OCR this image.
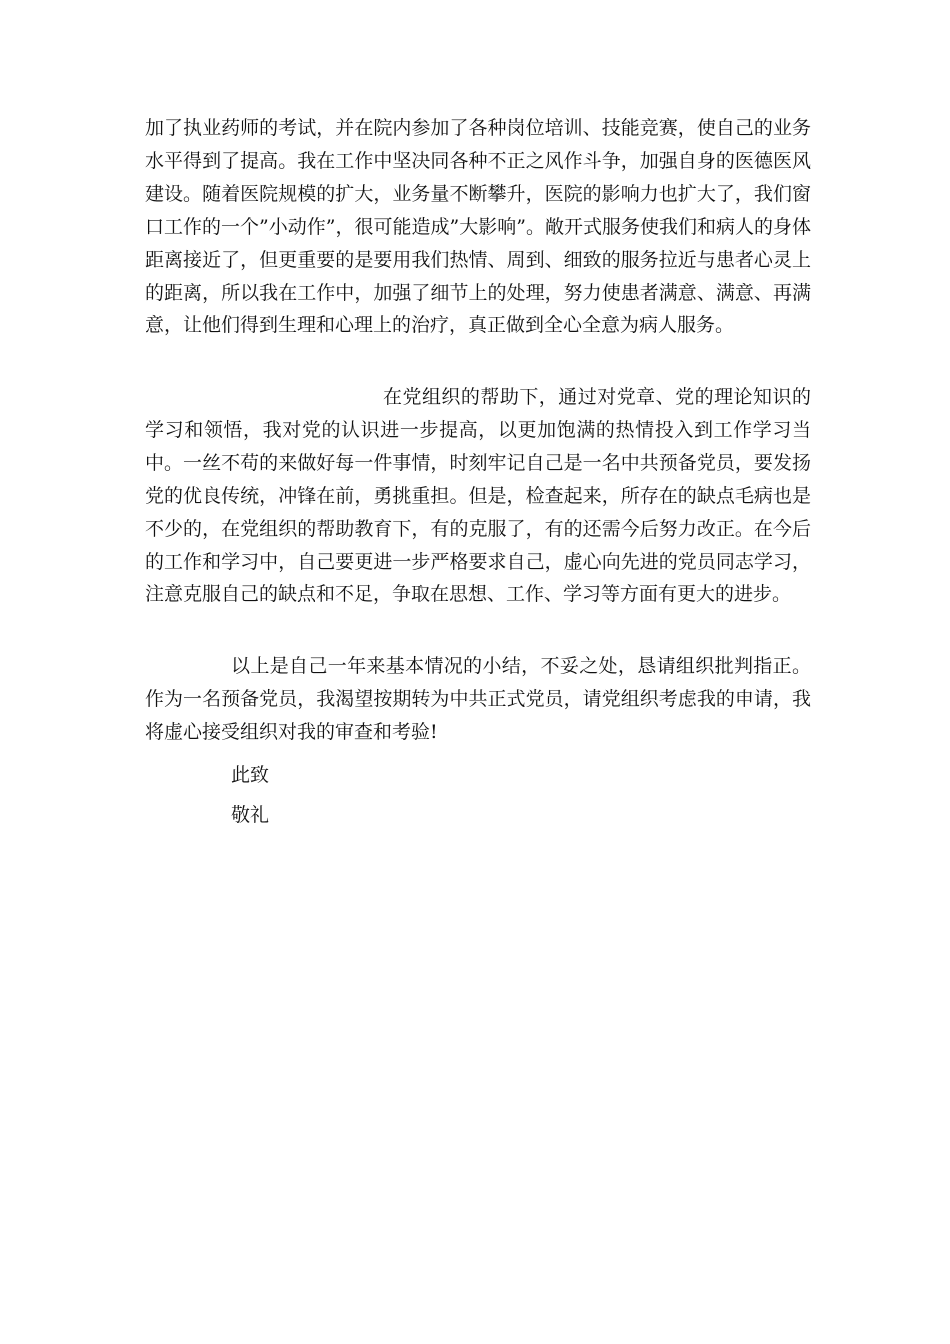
加了执业药师的考试，并在院内参加了各种岗位培训、技能竞赛，使自己的业务水平得到了提高。我在工作中坚决同各种不正之风作斗争，加强自身的医德医风建设。随着医院规模的扩大，业务量不断攀升，医院的影响力也扩大了，我们窗口工作的一个”小动作”，很可能造成”大影响”。敞开式服务使我们和病人的身体距离接近了，但更重要的是要用我们热情、周到、细致的服务拉近与患者心灵上的距离，所以我在工作中，加强了细节上的处理，努力使患者满意、满意、再满意，让他们得到生理和心理上的治疗，真正做到全心全意为病人服务。

在党组织的帮助下，通过对党章、党的理论知识的学习和领悟，我对党的认识进一步提高，以更加饱满的热情投入到工作学习当中。一丝不苟的来做好每一件事情，时刻牢记自己是一名中共预备党员，要发扬党的优良传统，冲锋在前，勇挑重担。但是，检查起来，所存在的缺点毛病也是不少的，在党组织的帮助教育下，有的克服了，有的还需今后努力改正。在今后的工作和学习中，自己要更进一步严格要求自己，虚心向先进的党员同志学习，注意克服自己的缺点和不足，争取在思想、工作、学习等方面有更大的进步。

以上是自己一年来基本情况的小结，不妥之处，恳请组织批判指正。作为一名预备党员，我渴望按期转为中共正式党员，请党组织考虑我的申请，我将虚心接受组织对我的审查和考验!

此致

敬礼
